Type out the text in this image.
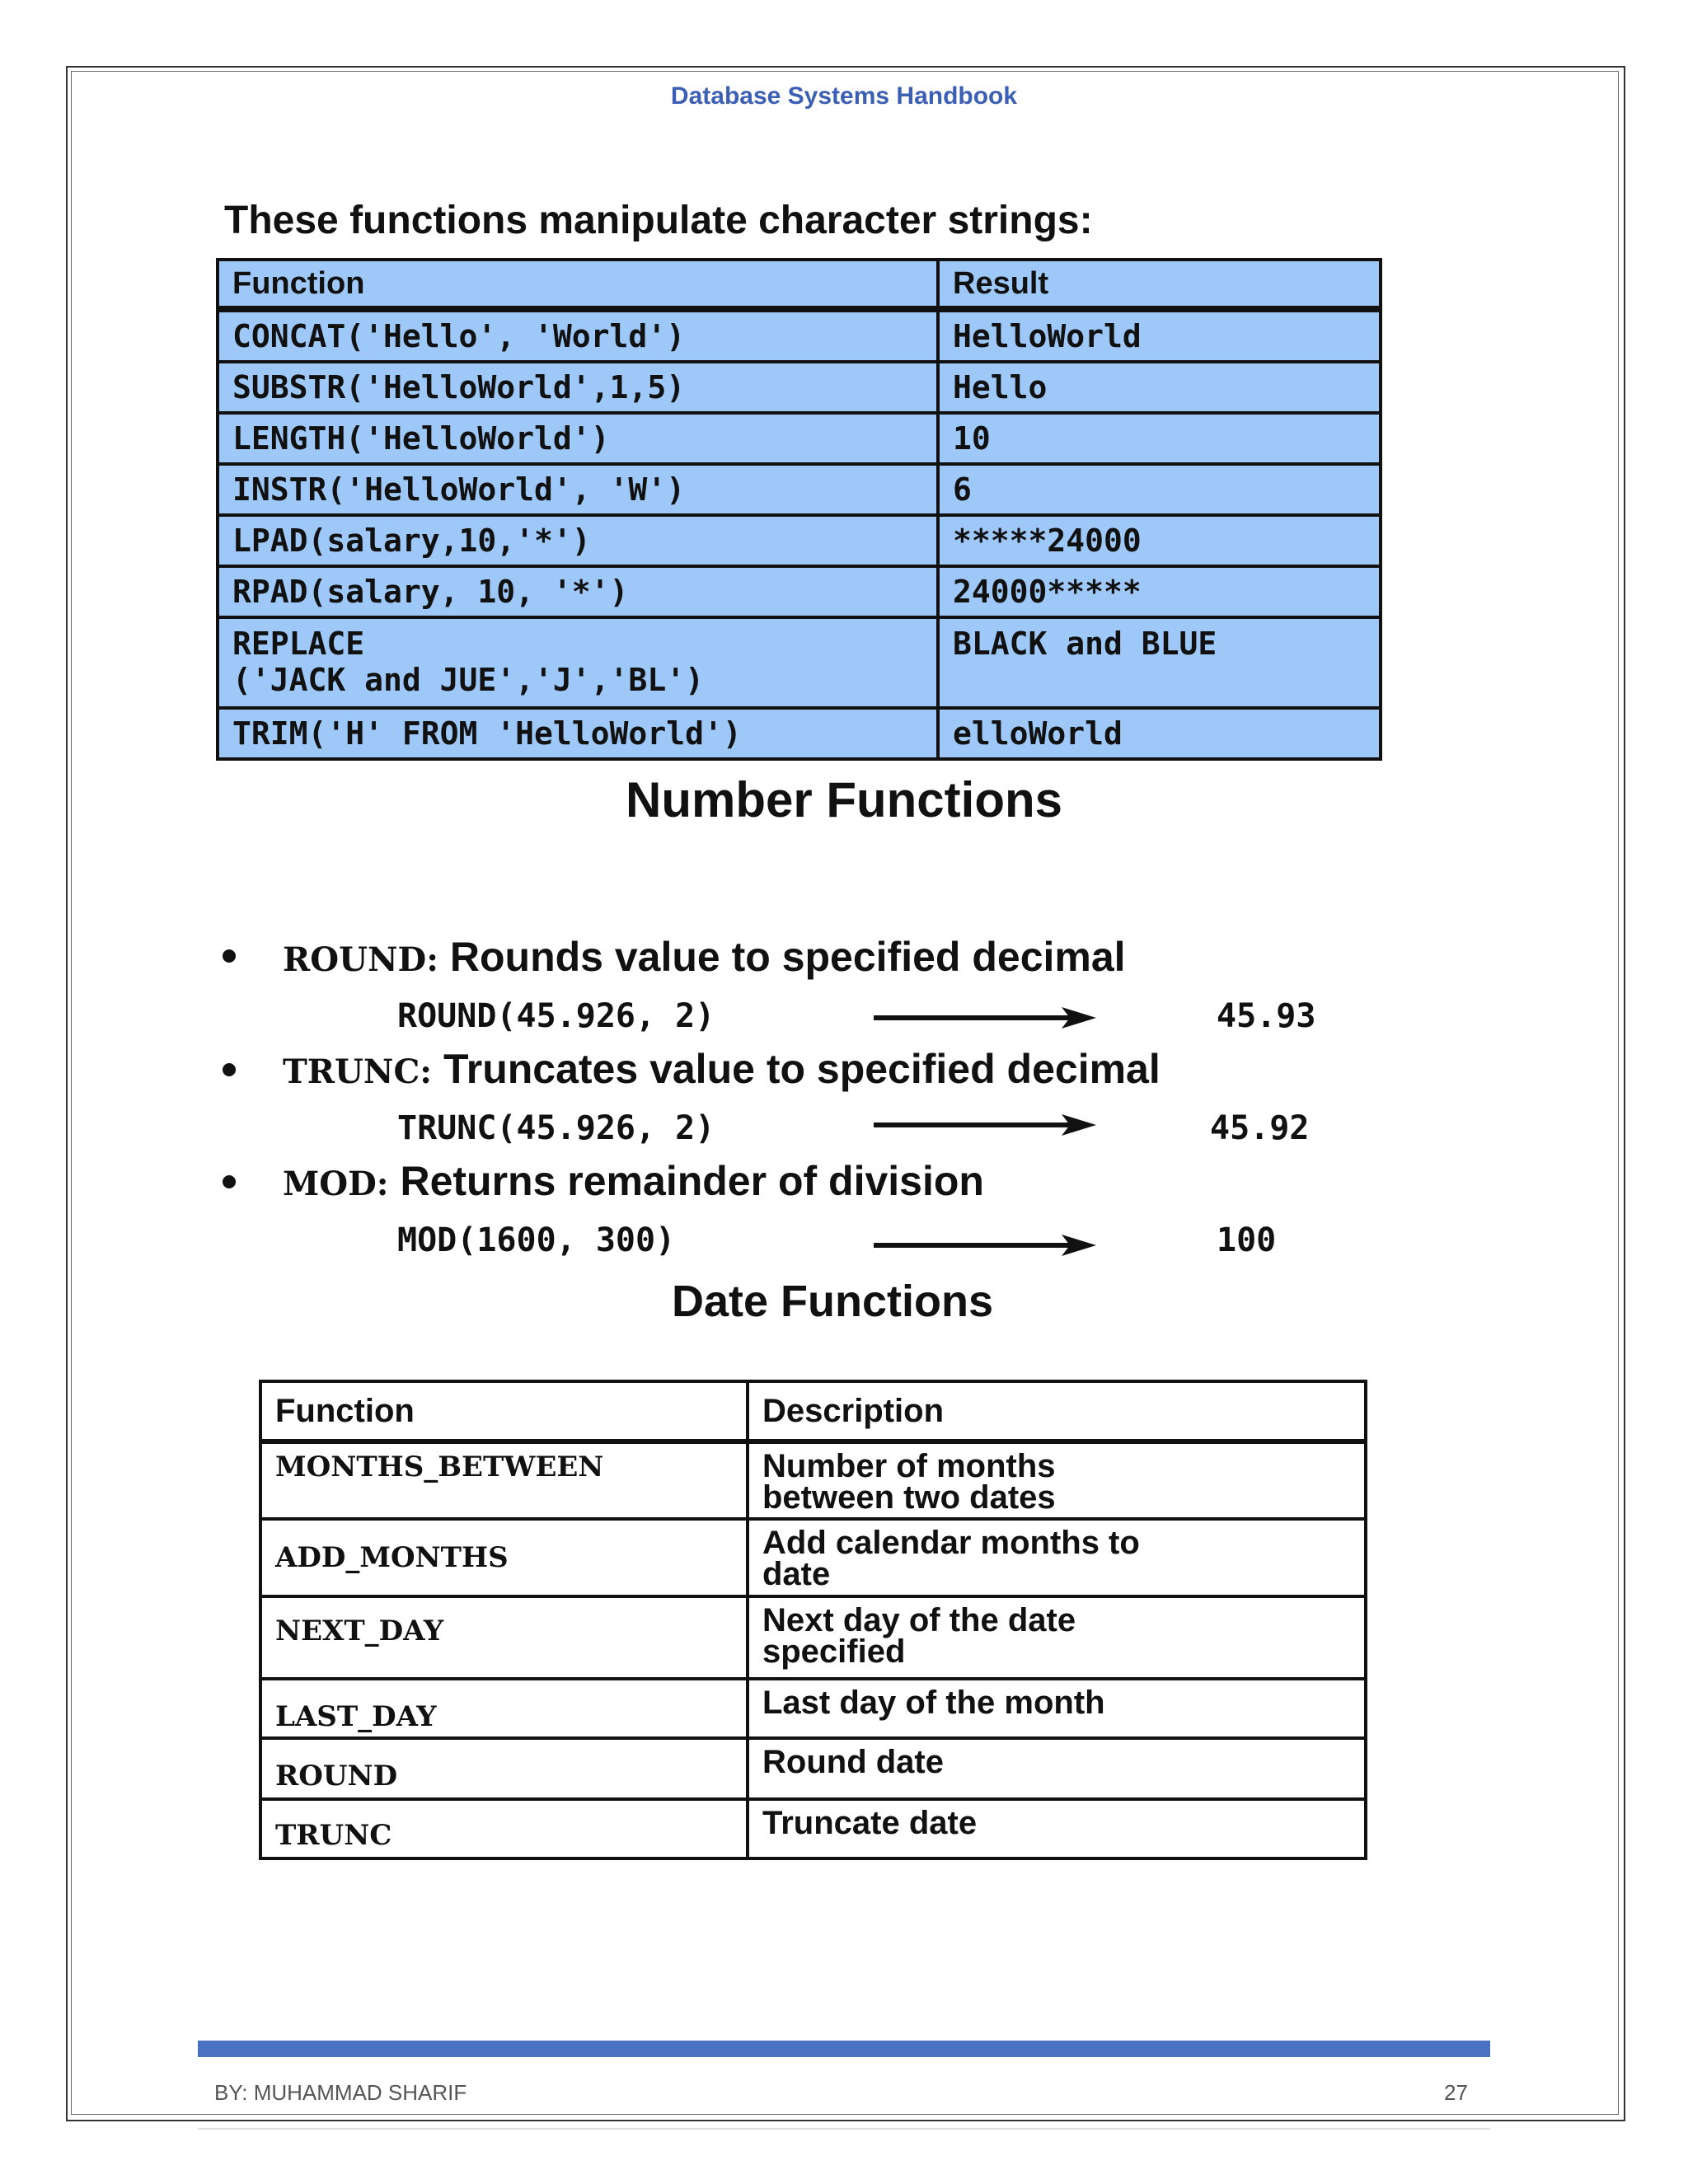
Database Systems Handbook
These functions manipulate character strings:
Function	Result
CONCAT('Hello', 'World')	HelloWorld
SUBSTR('HelloWorld',1,5)	Hello
LENGTH('HelloWorld')	10
INSTR('HelloWorld', 'W')	6
LPAD(salary,10,'*')	*****24000
RPAD(salary, 10, '*')	24000*****

REPLACE
('JACK and JUE','J','BL')	BLACK and BLUE
TRIM('H' FROM 'HelloWorld')	elloWorld
Number Functions
ROUND: Rounds value to specified decimal
ROUND(45.926, 2)	45.93
TRUNC: Truncates value to specified decimal
TRUNC(45.926, 2)	45.92
MOD: Returns remainder of division
MOD(1600, 300)	100
Date Functions
Function	Description
MONTHS_BETWEEN	Number of months
between two dates

ADD_MONTHS	Add calendar months to
date

NEXT_DAY	Next day of the date
specified

LAST_DAY	Last day of the month
ROUND	Round date
TRUNC	Truncate date
BY: MUHAMMAD SHARIF	27
